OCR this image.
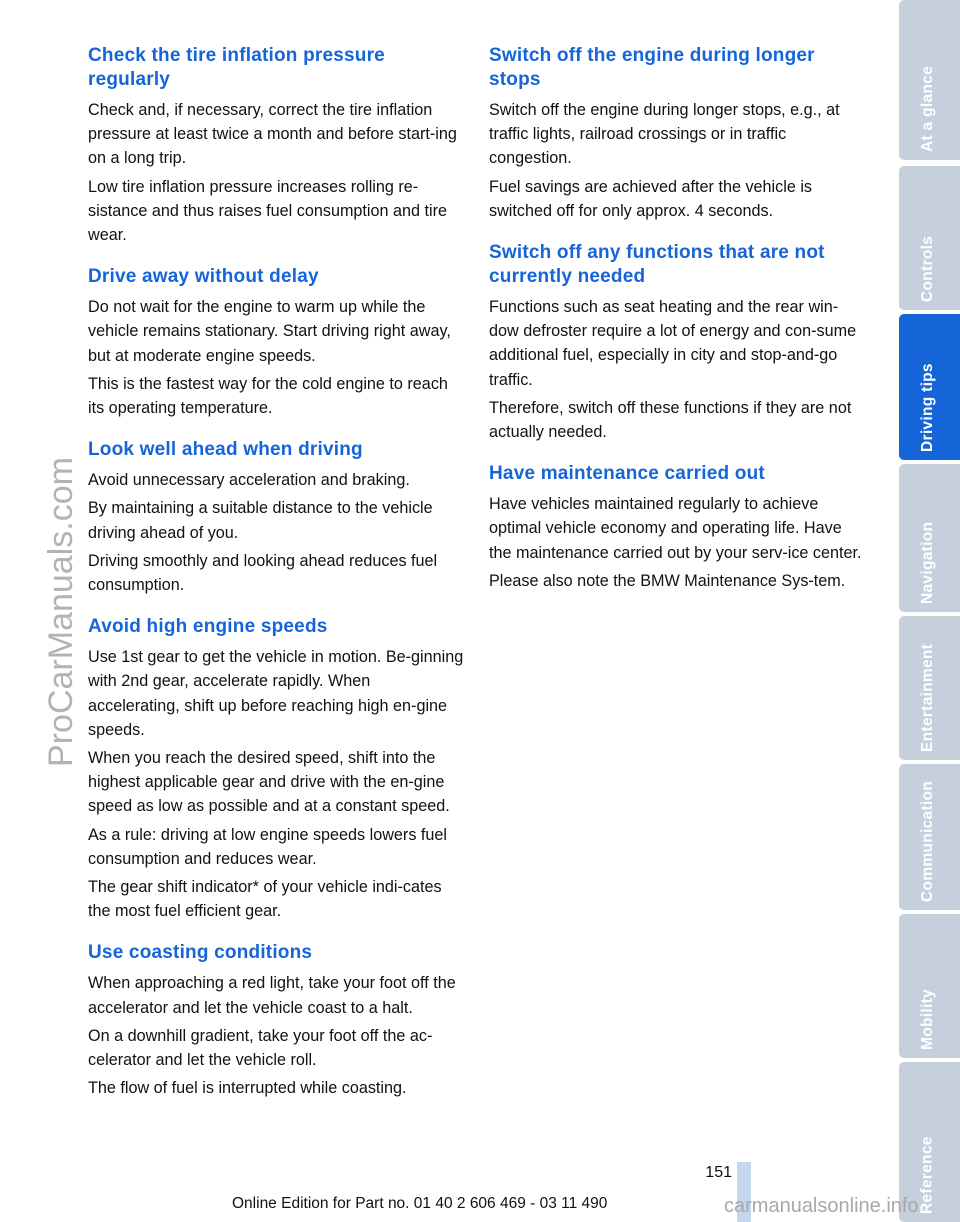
ProCarManuals.com
Check the tire inflation pressure regularly

Check and, if necessary, correct the tire inflation pressure at least twice a month and before start-ing on a long trip.

Low tire inflation pressure increases rolling re-sistance and thus raises fuel consumption and tire wear.

Drive away without delay

Do not wait for the engine to warm up while the vehicle remains stationary. Start driving right away, but at moderate engine speeds.

This is the fastest way for the cold engine to reach its operating temperature.

Look well ahead when driving

Avoid unnecessary acceleration and braking.

By maintaining a suitable distance to the vehicle driving ahead of you.

Driving smoothly and looking ahead reduces fuel consumption.

Avoid high engine speeds

Use 1st gear to get the vehicle in motion. Be-ginning with 2nd gear, accelerate rapidly. When accelerating, shift up before reaching high en-gine speeds.

When you reach the desired speed, shift into the highest applicable gear and drive with the en-gine speed as low as possible and at a constant speed.

As a rule: driving at low engine speeds lowers fuel consumption and reduces wear.

The gear shift indicator* of your vehicle indi-cates the most fuel efficient gear.

Use coasting conditions

When approaching a red light, take your foot off the accelerator and let the vehicle coast to a halt.

On a downhill gradient, take your foot off the ac-celerator and let the vehicle roll.

The flow of fuel is interrupted while coasting.

Switch off the engine during longer stops

Switch off the engine during longer stops, e.g., at traffic lights, railroad crossings or in traffic congestion.

Fuel savings are achieved after the vehicle is switched off for only approx. 4 seconds.

Switch off any functions that are not currently needed

Functions such as seat heating and the rear win-dow defroster require a lot of energy and con-sume additional fuel, especially in city and stop-and-go traffic.

Therefore, switch off these functions if they are not actually needed.

Have maintenance carried out

Have vehicles maintained regularly to achieve optimal vehicle economy and operating life. Have the maintenance carried out by your serv-ice center.

Please also note the BMW Maintenance Sys-tem.

At a glance
Controls
Driving tips
Navigation
Entertainment
Communication
Mobility
Reference
151
Online Edition for Part no. 01 40 2 606 469 - 03 11 490	carmanualsonline.info
